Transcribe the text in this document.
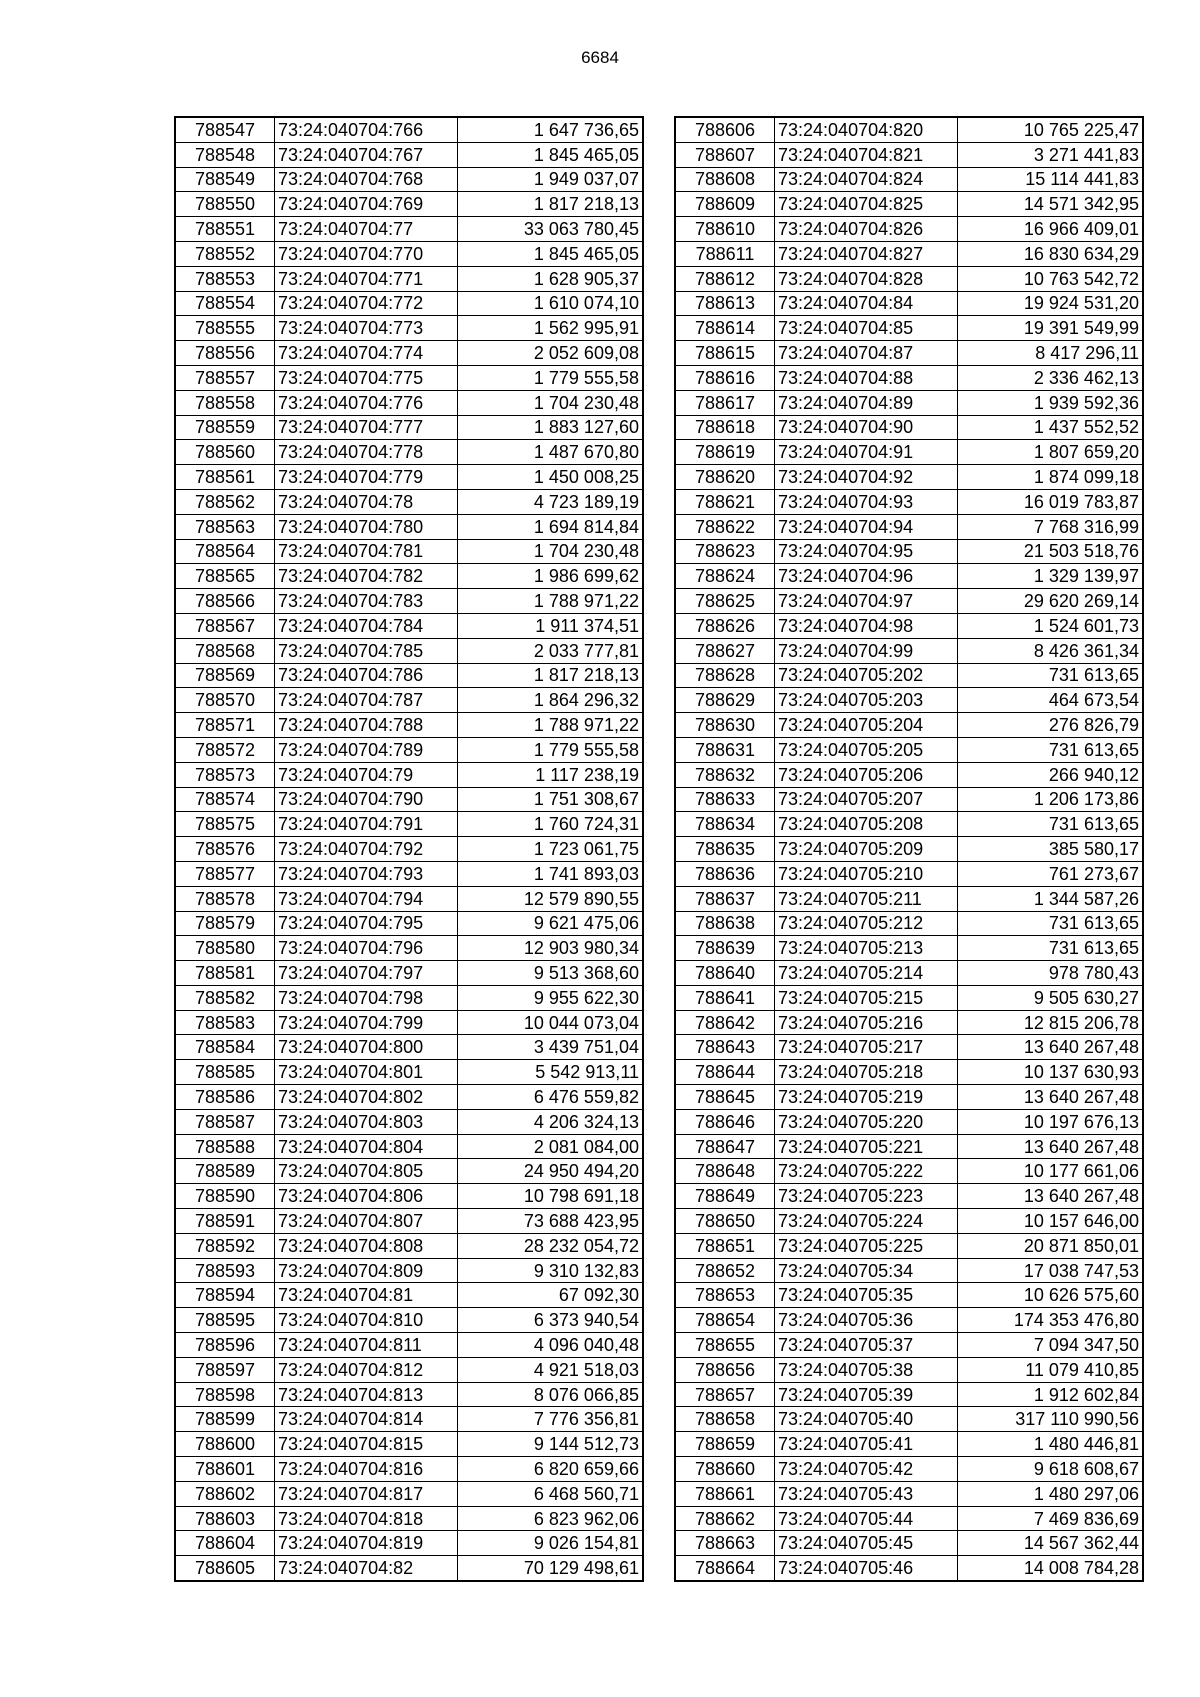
6684
788547	73:24:040704:766	1 647 736,65
788548	73:24:040704:767	1 845 465,05
788549	73:24:040704:768	1 949 037,07
788550	73:24:040704:769	1 817 218,13
788551	73:24:040704:77	33 063 780,45
788552	73:24:040704:770	1 845 465,05
788553	73:24:040704:771	1 628 905,37
788554	73:24:040704:772	1 610 074,10
788555	73:24:040704:773	1 562 995,91
788556	73:24:040704:774	2 052 609,08
788557	73:24:040704:775	1 779 555,58
788558	73:24:040704:776	1 704 230,48
788559	73:24:040704:777	1 883 127,60
788560	73:24:040704:778	1 487 670,80
788561	73:24:040704:779	1 450 008,25
788562	73:24:040704:78	4 723 189,19
788563	73:24:040704:780	1 694 814,84
788564	73:24:040704:781	1 704 230,48
788565	73:24:040704:782	1 986 699,62
788566	73:24:040704:783	1 788 971,22
788567	73:24:040704:784	1 911 374,51
788568	73:24:040704:785	2 033 777,81
788569	73:24:040704:786	1 817 218,13
788570	73:24:040704:787	1 864 296,32
788571	73:24:040704:788	1 788 971,22
788572	73:24:040704:789	1 779 555,58
788573	73:24:040704:79	1 117 238,19
788574	73:24:040704:790	1 751 308,67
788575	73:24:040704:791	1 760 724,31
788576	73:24:040704:792	1 723 061,75
788577	73:24:040704:793	1 741 893,03
788578	73:24:040704:794	12 579 890,55
788579	73:24:040704:795	9 621 475,06
788580	73:24:040704:796	12 903 980,34
788581	73:24:040704:797	9 513 368,60
788582	73:24:040704:798	9 955 622,30
788583	73:24:040704:799	10 044 073,04
788584	73:24:040704:800	3 439 751,04
788585	73:24:040704:801	5 542 913,11
788586	73:24:040704:802	6 476 559,82
788587	73:24:040704:803	4 206 324,13
788588	73:24:040704:804	2 081 084,00
788589	73:24:040704:805	24 950 494,20
788590	73:24:040704:806	10 798 691,18
788591	73:24:040704:807	73 688 423,95
788592	73:24:040704:808	28 232 054,72
788593	73:24:040704:809	9 310 132,83
788594	73:24:040704:81	67 092,30
788595	73:24:040704:810	6 373 940,54
788596	73:24:040704:811	4 096 040,48
788597	73:24:040704:812	4 921 518,03
788598	73:24:040704:813	8 076 066,85
788599	73:24:040704:814	7 776 356,81
788600	73:24:040704:815	9 144 512,73
788601	73:24:040704:816	6 820 659,66
788602	73:24:040704:817	6 468 560,71
788603	73:24:040704:818	6 823 962,06
788604	73:24:040704:819	9 026 154,81
788605	73:24:040704:82	70 129 498,61
788606	73:24:040704:820	10 765 225,47
788607	73:24:040704:821	3 271 441,83
788608	73:24:040704:824	15 114 441,83
788609	73:24:040704:825	14 571 342,95
788610	73:24:040704:826	16 966 409,01
788611	73:24:040704:827	16 830 634,29
788612	73:24:040704:828	10 763 542,72
788613	73:24:040704:84	19 924 531,20
788614	73:24:040704:85	19 391 549,99
788615	73:24:040704:87	8 417 296,11
788616	73:24:040704:88	2 336 462,13
788617	73:24:040704:89	1 939 592,36
788618	73:24:040704:90	1 437 552,52
788619	73:24:040704:91	1 807 659,20
788620	73:24:040704:92	1 874 099,18
788621	73:24:040704:93	16 019 783,87
788622	73:24:040704:94	7 768 316,99
788623	73:24:040704:95	21 503 518,76
788624	73:24:040704:96	1 329 139,97
788625	73:24:040704:97	29 620 269,14
788626	73:24:040704:98	1 524 601,73
788627	73:24:040704:99	8 426 361,34
788628	73:24:040705:202	731 613,65
788629	73:24:040705:203	464 673,54
788630	73:24:040705:204	276 826,79
788631	73:24:040705:205	731 613,65
788632	73:24:040705:206	266 940,12
788633	73:24:040705:207	1 206 173,86
788634	73:24:040705:208	731 613,65
788635	73:24:040705:209	385 580,17
788636	73:24:040705:210	761 273,67
788637	73:24:040705:211	1 344 587,26
788638	73:24:040705:212	731 613,65
788639	73:24:040705:213	731 613,65
788640	73:24:040705:214	978 780,43
788641	73:24:040705:215	9 505 630,27
788642	73:24:040705:216	12 815 206,78
788643	73:24:040705:217	13 640 267,48
788644	73:24:040705:218	10 137 630,93
788645	73:24:040705:219	13 640 267,48
788646	73:24:040705:220	10 197 676,13
788647	73:24:040705:221	13 640 267,48
788648	73:24:040705:222	10 177 661,06
788649	73:24:040705:223	13 640 267,48
788650	73:24:040705:224	10 157 646,00
788651	73:24:040705:225	20 871 850,01
788652	73:24:040705:34	17 038 747,53
788653	73:24:040705:35	10 626 575,60
788654	73:24:040705:36	174 353 476,80
788655	73:24:040705:37	7 094 347,50
788656	73:24:040705:38	11 079 410,85
788657	73:24:040705:39	1 912 602,84
788658	73:24:040705:40	317 110 990,56
788659	73:24:040705:41	1 480 446,81
788660	73:24:040705:42	9 618 608,67
788661	73:24:040705:43	1 480 297,06
788662	73:24:040705:44	7 469 836,69
788663	73:24:040705:45	14 567 362,44
788664	73:24:040705:46	14 008 784,28
